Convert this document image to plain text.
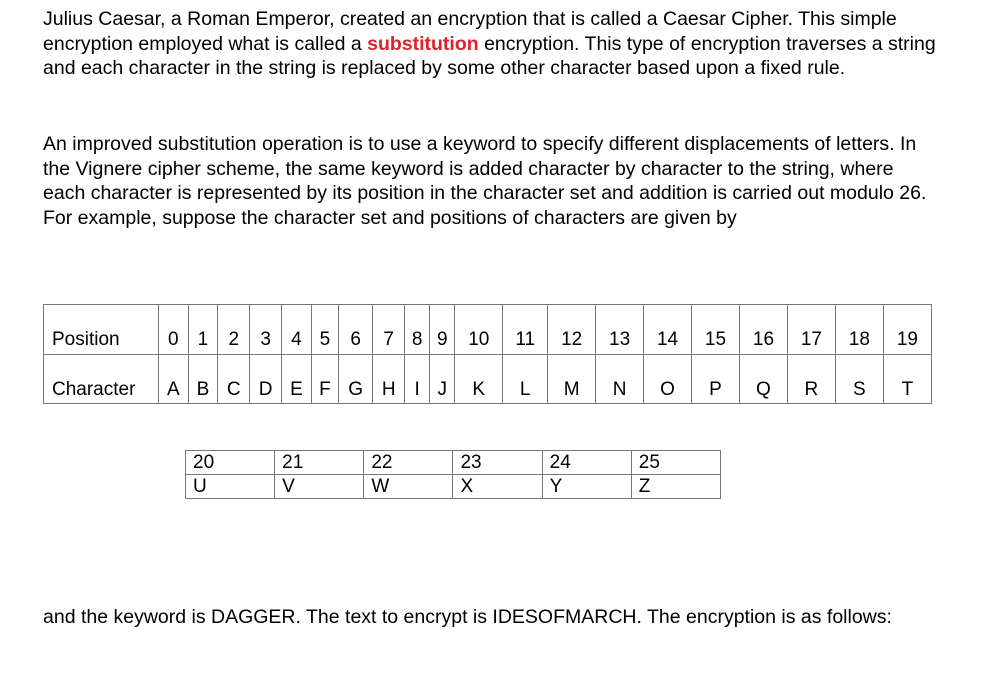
Julius Caesar, a Roman Emperor, created an encryption that is called a Caesar Cipher. This simple encryption employed what is called a substitution encryption. This type of encryption traverses a string and each character in the string is replaced by some other character based upon a fixed rule.

An improved substitution operation is to use a keyword to specify different displacements of letters. In the Vignere cipher scheme, the same keyword is added character by character to the string, where each character is represented by its position in the character set and addition is carried out modulo 26. For example, suppose the character set and positions of characters are given by

Position	0	1	2	3	4	5	6	7	8	9	10	11	12	13	14	15	16	17	18	19
Character	A	B	C	D	E	F	G	H	I	J	K	L	M	N	O	P	Q	R	S	T
20	21	22	23	24	25
U	V	W	X	Y	Z

and the keyword is DAGGER. The text to encrypt is IDESOFMARCH. The encryption is as follows:
